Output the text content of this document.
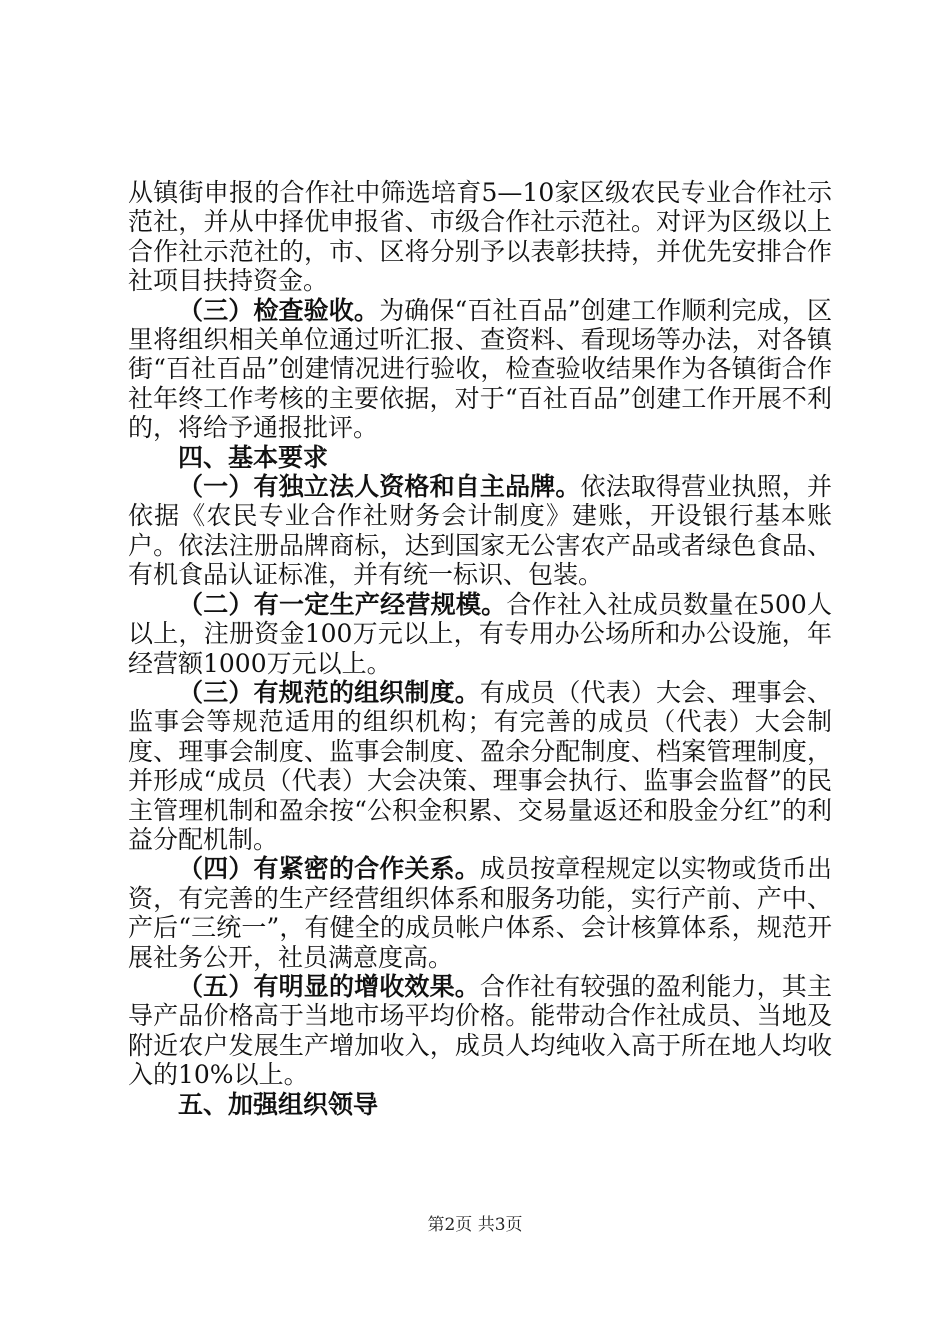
从镇街申报的合作社中筛选培育5—10家区级农民专业合作社示范社，并从中择优申报省、市级合作社示范社。对评为区级以上合作社示范社的，市、区将分别予以表彰扶持，并优先安排合作社项目扶持资金。

（三）检查验收。为确保“百社百品”创建工作顺利完成，区里将组织相关单位通过听汇报、查资料、看现场等办法，对各镇街“百社百品”创建情况进行验收，检查验收结果作为各镇街合作社年终工作考核的主要依据，对于“百社百品”创建工作开展不利的，将给予通报批评。

四、基本要求

（一）有独立法人资格和自主品牌。依法取得营业执照，并依据《农民专业合作社财务会计制度》建账，开设银行基本账户。依法注册品牌商标，达到国家无公害农产品或者绿色食品、有机食品认证标准，并有统一标识、包装。

（二）有一定生产经营规模。合作社入社成员数量在500人以上，注册资金100万元以上，有专用办公场所和办公设施，年经营额1000万元以上。

（三）有规范的组织制度。有成员（代表）大会、理事会、监事会等规范适用的组织机构；有完善的成员（代表）大会制度、理事会制度、监事会制度、盈余分配制度、档案管理制度，并形成“成员（代表）大会决策、理事会执行、监事会监督”的民主管理机制和盈余按“公积金积累、交易量返还和股金分红”的利益分配机制。

（四）有紧密的合作关系。成员按章程规定以实物或货币出资，有完善的生产经营组织体系和服务功能，实行产前、产中、产后“三统一”，有健全的成员帐户体系、会计核算体系，规范开展社务公开，社员满意度高。

（五）有明显的增收效果。合作社有较强的盈利能力，其主导产品价格高于当地市场平均价格。能带动合作社成员、当地及附近农户发展生产增加收入，成员人均纯收入高于所在地人均收入的10%以上。

五、加强组织领导

第2页 共3页
